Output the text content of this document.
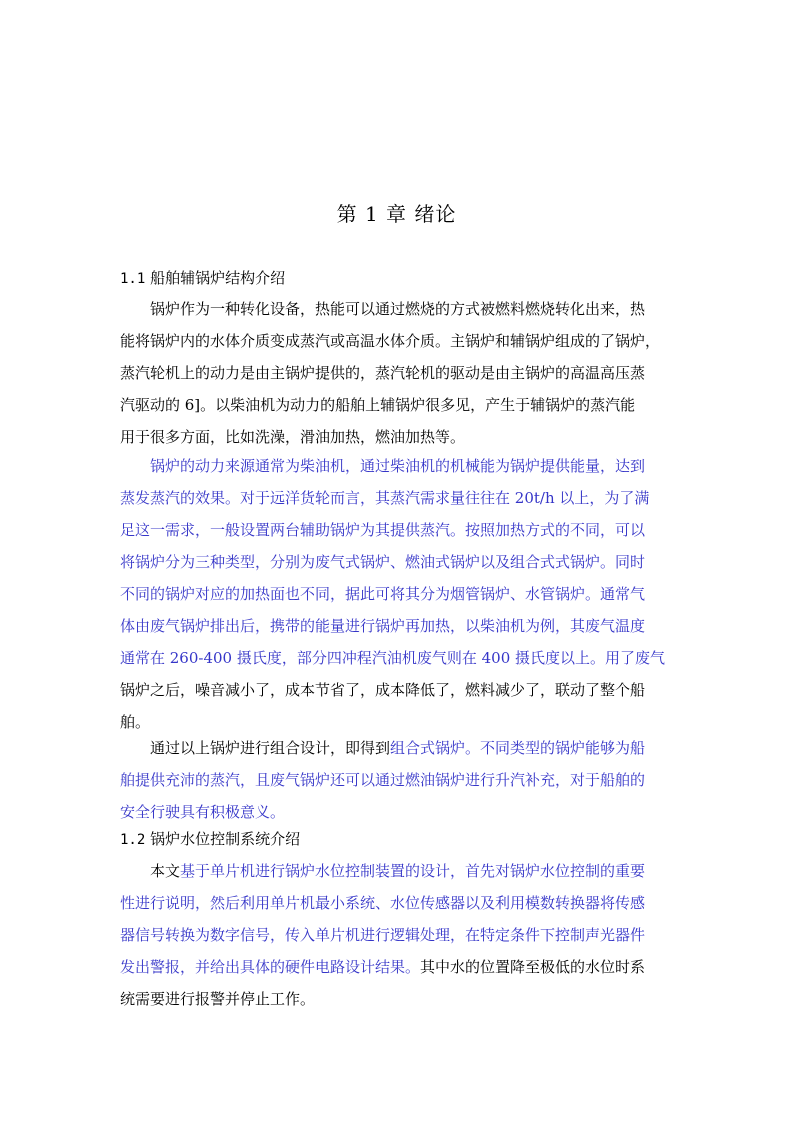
第 1 章 绪论
1.1 船舶辅锅炉结构介绍
锅炉作为一种转化设备，热能可以通过燃烧的方式被燃料燃烧转化出来，热
能将锅炉内的水体介质变成蒸汽或高温水体介质。主锅炉和辅锅炉组成的了锅炉，
蒸汽轮机上的动力是由主锅炉提供的，蒸汽轮机的驱动是由主锅炉的高温高压蒸
汽驱动的 6]。以柴油机为动力的船舶上辅锅炉很多见，产生于辅锅炉的蒸汽能
用于很多方面，比如洗澡，滑油加热，燃油加热等。
锅炉的动力来源通常为柴油机，通过柴油机的机械能为锅炉提供能量，达到
蒸发蒸汽的效果。对于远洋货轮而言，其蒸汽需求量往往在 20t/h 以上，为了满
足这一需求，一般设置两台辅助锅炉为其提供蒸汽。按照加热方式的不同，可以
将锅炉分为三种类型，分别为废气式锅炉、燃油式锅炉以及组合式式锅炉。同时
不同的锅炉对应的加热面也不同，据此可将其分为烟管锅炉、水管锅炉。通常气
体由废气锅炉排出后，携带的能量进行锅炉再加热，以柴油机为例，其废气温度
通常在 260-400 摄氏度，部分四冲程汽油机废气则在 400 摄氏度以上。用了废气
锅炉之后，噪音减小了，成本节省了，成本降低了，燃料减少了，联动了整个船
舶。
通过以上锅炉进行组合设计，即得到组合式锅炉。不同类型的锅炉能够为船
舶提供充沛的蒸汽，且废气锅炉还可以通过燃油锅炉进行升汽补充，对于船舶的
安全行驶具有积极意义。
1.2 锅炉水位控制系统介绍
本文基于单片机进行锅炉水位控制装置的设计，首先对锅炉水位控制的重要
性进行说明，然后利用单片机最小系统、水位传感器以及利用模数转换器将传感
器信号转换为数字信号，传入单片机进行逻辑处理，在特定条件下控制声光器件
发出警报，并给出具体的硬件电路设计结果。其中水的位置降至极低的水位时系
统需要进行报警并停止工作。
